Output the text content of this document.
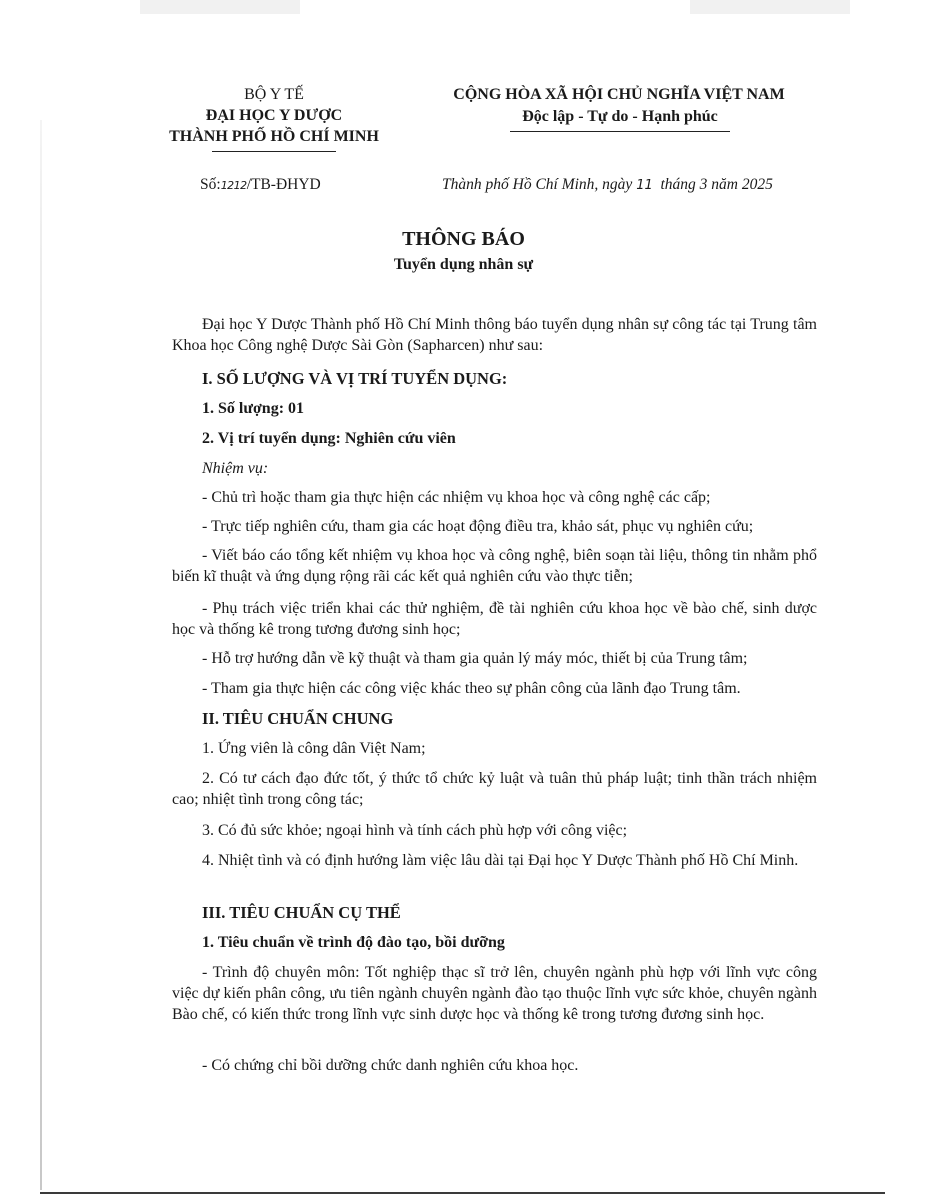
BỘ Y TẾ
ĐẠI HỌC Y DƯỢC
THÀNH PHỐ HỒ CHÍ MINH
CỘNG HÒA XÃ HỘI CHỦ NGHĨA VIỆT NAM
Độc lập - Tự do - Hạnh phúc
Số:1212/TB-ĐHYD	Thành phố Hồ Chí Minh, ngày 11 tháng 3 năm 2025
THÔNG BÁO
Tuyển dụng nhân sự
Đại học Y Dược Thành phố Hồ Chí Minh thông báo tuyển dụng nhân sự công tác tại Trung tâm Khoa học Công nghệ Dược Sài Gòn (Sapharcen) như sau:
I. SỐ LƯỢNG VÀ VỊ TRÍ TUYỂN DỤNG:
1. Số lượng: 01
2. Vị trí tuyển dụng: Nghiên cứu viên
Nhiệm vụ:
- Chủ trì hoặc tham gia thực hiện các nhiệm vụ khoa học và công nghệ các cấp;
- Trực tiếp nghiên cứu, tham gia các hoạt động điều tra, khảo sát, phục vụ nghiên cứu;
- Viết báo cáo tổng kết nhiệm vụ khoa học và công nghệ, biên soạn tài liệu, thông tin nhằm phổ biến kĩ thuật và ứng dụng rộng rãi các kết quả nghiên cứu vào thực tiễn;
- Phụ trách việc triển khai các thử nghiệm, đề tài nghiên cứu khoa học về bào chế, sinh dược học và thống kê trong tương đương sinh học;
- Hỗ trợ hướng dẫn về kỹ thuật và tham gia quản lý máy móc, thiết bị của Trung tâm;
- Tham gia thực hiện các công việc khác theo sự phân công của lãnh đạo Trung tâm.
II. TIÊU CHUẨN CHUNG
1. Ứng viên là công dân Việt Nam;
2. Có tư cách đạo đức tốt, ý thức tổ chức kỷ luật và tuân thủ pháp luật; tinh thần trách nhiệm cao; nhiệt tình trong công tác;
3. Có đủ sức khỏe; ngoại hình và tính cách phù hợp với công việc;
4. Nhiệt tình và có định hướng làm việc lâu dài tại Đại học Y Dược Thành phố Hồ Chí Minh.
III. TIÊU CHUẨN CỤ THỂ
1. Tiêu chuẩn về trình độ đào tạo, bồi dưỡng
- Trình độ chuyên môn: Tốt nghiệp thạc sĩ trở lên, chuyên ngành phù hợp với lĩnh vực công việc dự kiến phân công, ưu tiên ngành chuyên ngành đào tạo thuộc lĩnh vực sức khỏe, chuyên ngành Bào chế, có kiến thức trong lĩnh vực sinh dược học và thống kê trong tương đương sinh học.
- Có chứng chỉ bồi dưỡng chức danh nghiên cứu khoa học.
